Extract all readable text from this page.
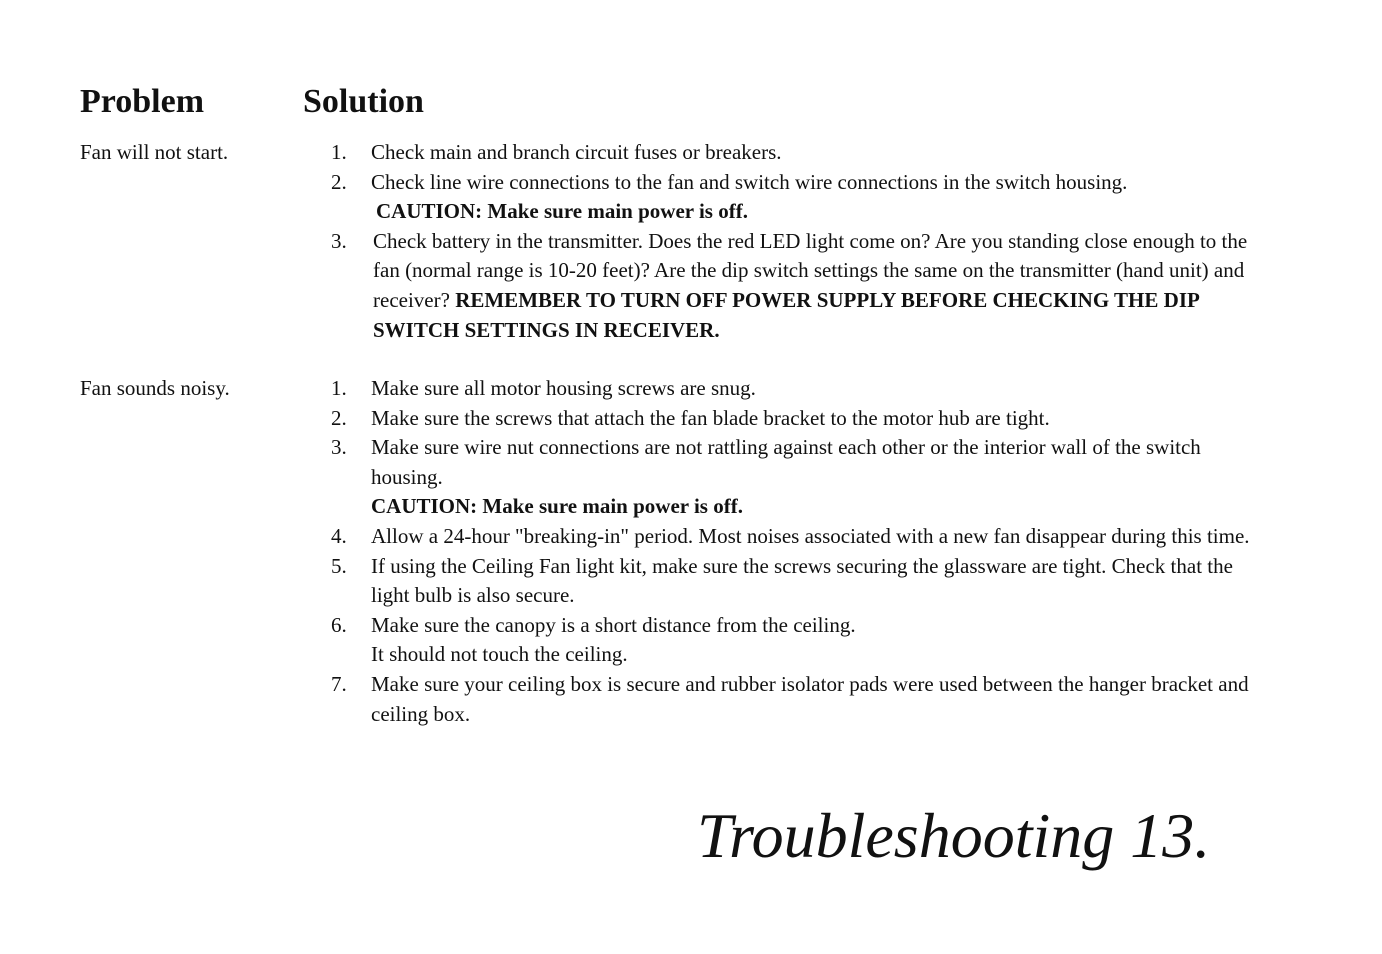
Problem	Solution
Fan will not start.	1. Check main and branch circuit fuses or breakers.
2. Check line wire connections to the fan and switch wire connections in the switch housing.
CAUTION: Make sure main power is off.
3. Check battery in the transmitter. Does the red LED light come on? Are you standing close enough to the fan (normal range is 10-20 feet)? Are the dip switch settings the same on the transmitter (hand unit) and receiver? REMEMBER TO TURN OFF POWER SUPPLY BEFORE CHECKING THE DIP SWITCH SETTINGS IN RECEIVER.
Fan sounds noisy.	1. Make sure all motor housing screws are snug.
2. Make sure the screws that attach the fan blade bracket to the motor hub are tight.
3. Make sure wire nut connections are not rattling against each other or the interior wall of the switch housing.
CAUTION: Make sure main power is off.
4. Allow a 24-hour "breaking-in" period. Most noises associated with a new fan disappear during this time.
5. If using the Ceiling Fan light kit, make sure the screws securing the glassware are tight. Check that the light bulb is also secure.
6. Make sure the canopy is a short distance from the ceiling.
It should not touch the ceiling.
7. Make sure your ceiling box is secure and rubber isolator pads were used between the hanger bracket and ceiling box.
Troubleshooting 13.
